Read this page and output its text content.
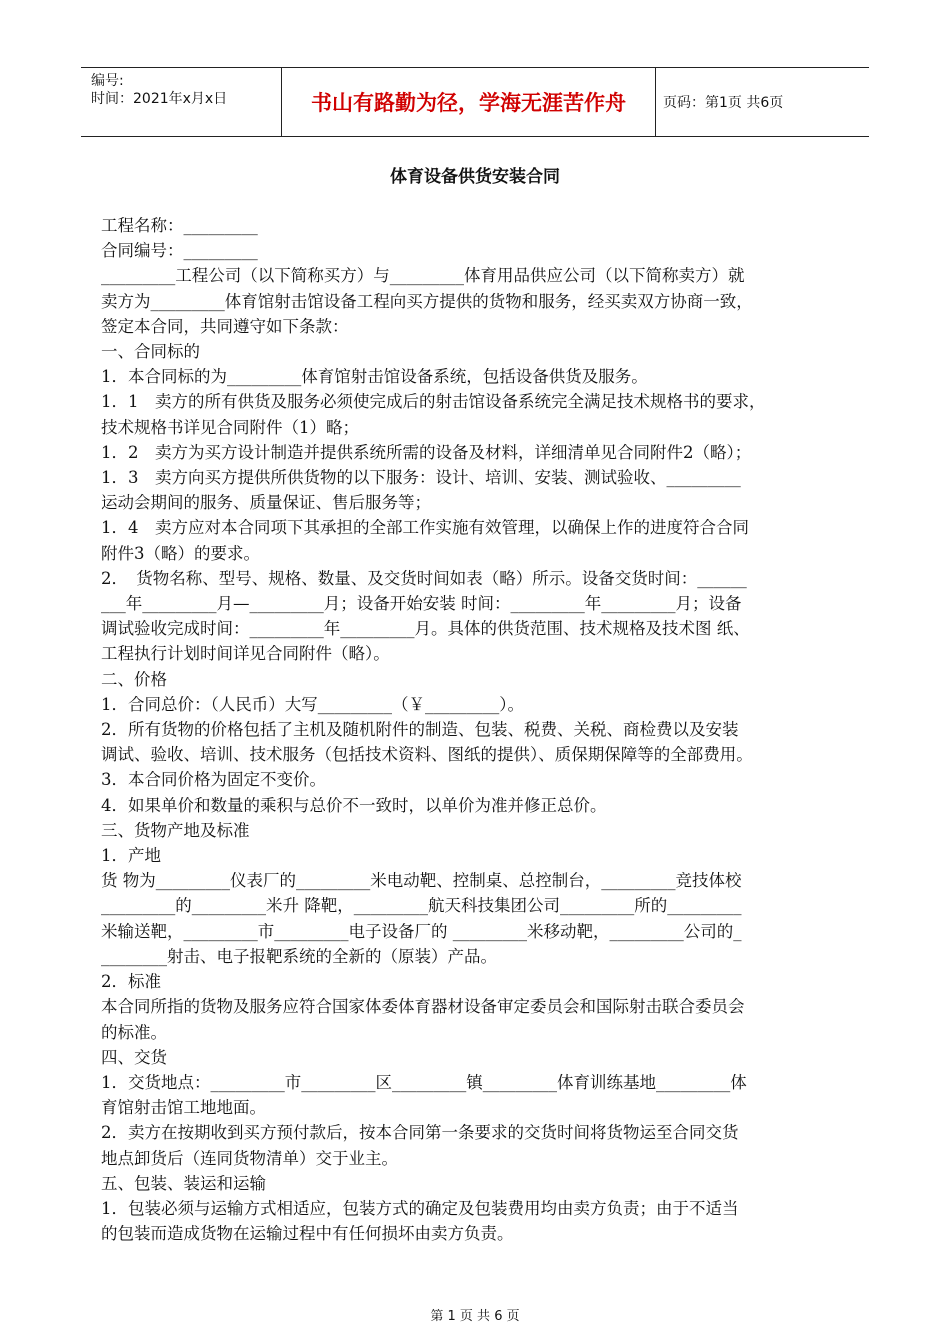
编号:
时间：2021年x月x日	书山有路勤为径，学海无涯苦作舟	页码：第1页 共6页
体育设备供货安装合同

工程名称：_________

合同编号：_________

_________工程公司（以下简称买方）与_________体育用品供应公司（以下简称卖方）就

卖方为_________体育馆射击馆设备工程向买方提供的货物和服务，经买卖双方协商一致，

签定本合同，共同遵守如下条款：

一、合同标的

1．本合同标的为_________体育馆射击馆设备系统，包括设备供货及服务。

1．1　卖方的所有供货及服务必须使完成后的射击馆设备系统完全满足技术规格书的要求，

技术规格书详见合同附件（1）略；

1．2　卖方为买方设计制造并提供系统所需的设备及材料，详细清单见合同附件2（略）；

1．3　卖方向买方提供所供货物的以下服务：设计、培训、安装、测试验收、_________

运动会期间的服务、质量保证、售后服务等；

1．4　卖方应对本合同项下其承担的全部工作实施有效管理，以确保上作的进度符合合同

附件3（略）的要求。

2．　货物名称、型号、规格、数量、及交货时间如表（略）所示。设备交货时间：______

___年_________月—_________月；设备开始安装 时间：_________年_________月；设备

调试验收完成时间：_________年_________月。具体的供货范围、技术规格及技术图 纸、

工程执行计划时间详见合同附件（略）。

二、价格

1．合同总价：（人民币）大写_________（￥_________）。

2．所有货物的价格包括了主机及随机附件的制造、包装、税费、关税、商检费以及安装

调试、验收、培训、技术服务（包括技术资料、图纸的提供）、质保期保障等的全部费用。

3．本合同价格为固定不变价。

4．如果单价和数量的乘积与总价不一致时，以单价为准并修正总价。

三、货物产地及标准

1．产地

货 物为_________仪表厂的_________米电动靶、控制桌、总控制台，_________竞技体校

_________的_________米升 降靶，_________航天科技集团公司_________所的_________

米输送靶，_________市_________电子设备厂的 _________米移动靶，_________公司的_

________射击、电子报靶系统的全新的（原装）产品。

2．标准

本合同所指的货物及服务应符合国家体委体育器材设备审定委员会和国际射击联合委员会

的标准。

四、交货

1．交货地点：_________市_________区_________镇_________体育训练基地_________体

育馆射击馆工地地面。

2．卖方在按期收到买方预付款后，按本合同第一条要求的交货时间将货物运至合同交货

地点卸货后（连同货物清单）交于业主。

五、包装、装运和运输

1．包装必须与运输方式相适应，包装方式的确定及包装费用均由卖方负责；由于不适当

的包装而造成货物在运输过程中有任何损坏由卖方负责。

第 1 页 共 6 页
